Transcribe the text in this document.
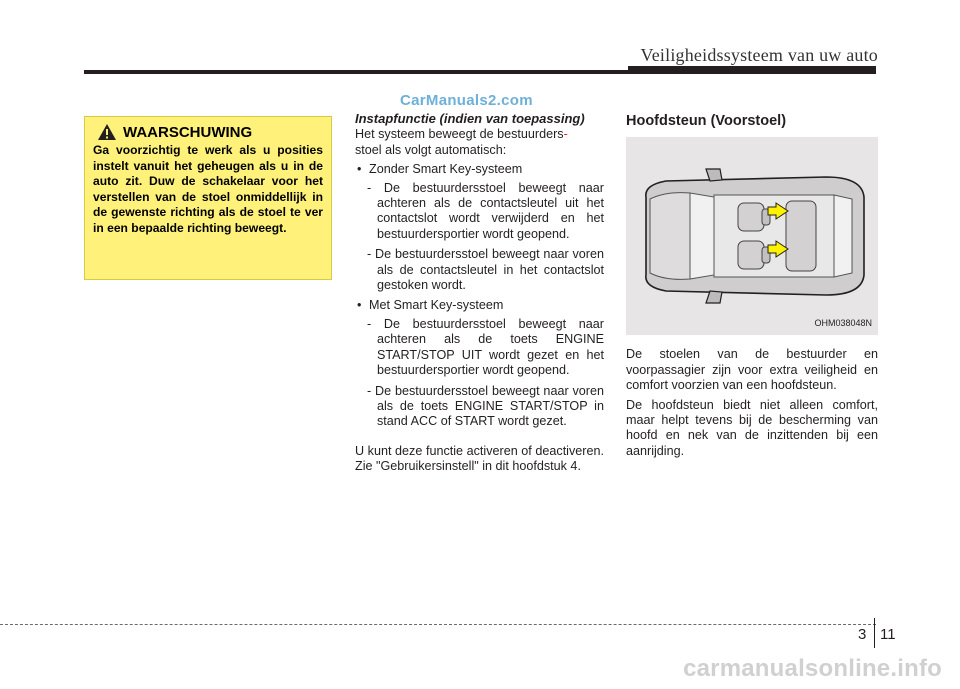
Veiligheidssysteem van uw auto
CarManuals2.com
WAARSCHUWING

Ga voorzichtig te werk als u posities instelt vanuit het geheugen als u in de auto zit. Duw de schakelaar voor het verstellen van de stoel onmiddellijk in de gewenste richting als de stoel te ver in een bepaalde richting beweegt.

Instapfunctie (indien van toepassing)

Het systeem beweegt de bestuurders-
stoel als volgt automatisch:

• Zonder Smart Key-systeem
- De bestuurdersstoel beweegt naar achteren als de contactsleutel uit het contactslot wordt verwijderd en het bestuurdersportier wordt geopend.
- De bestuurdersstoel beweegt naar voren als de contactsleutel in het contactslot gestoken wordt.
• Met Smart Key-systeem
- De bestuurdersstoel beweegt naar achteren als de toets ENGINE START/STOP UIT wordt gezet en het bestuurdersportier wordt geopend.
- De bestuurdersstoel beweegt naar voren als de toets ENGINE START/STOP in stand ACC of START wordt gezet.

U kunt deze functie activeren of deactiveren. Zie "Gebruikersinstell" in dit hoofdstuk 4.

Hoofdsteun (Voorstoel)
OHM038048N

De stoelen van de bestuurder en voorpassagier zijn voor extra veiligheid en comfort voorzien van een hoofdsteun.

De hoofdsteun biedt niet alleen comfort, maar helpt tevens bij de bescherming van hoofd en nek van de inzittenden bij een aanrijding.

3 11
carmanualsonline.info
